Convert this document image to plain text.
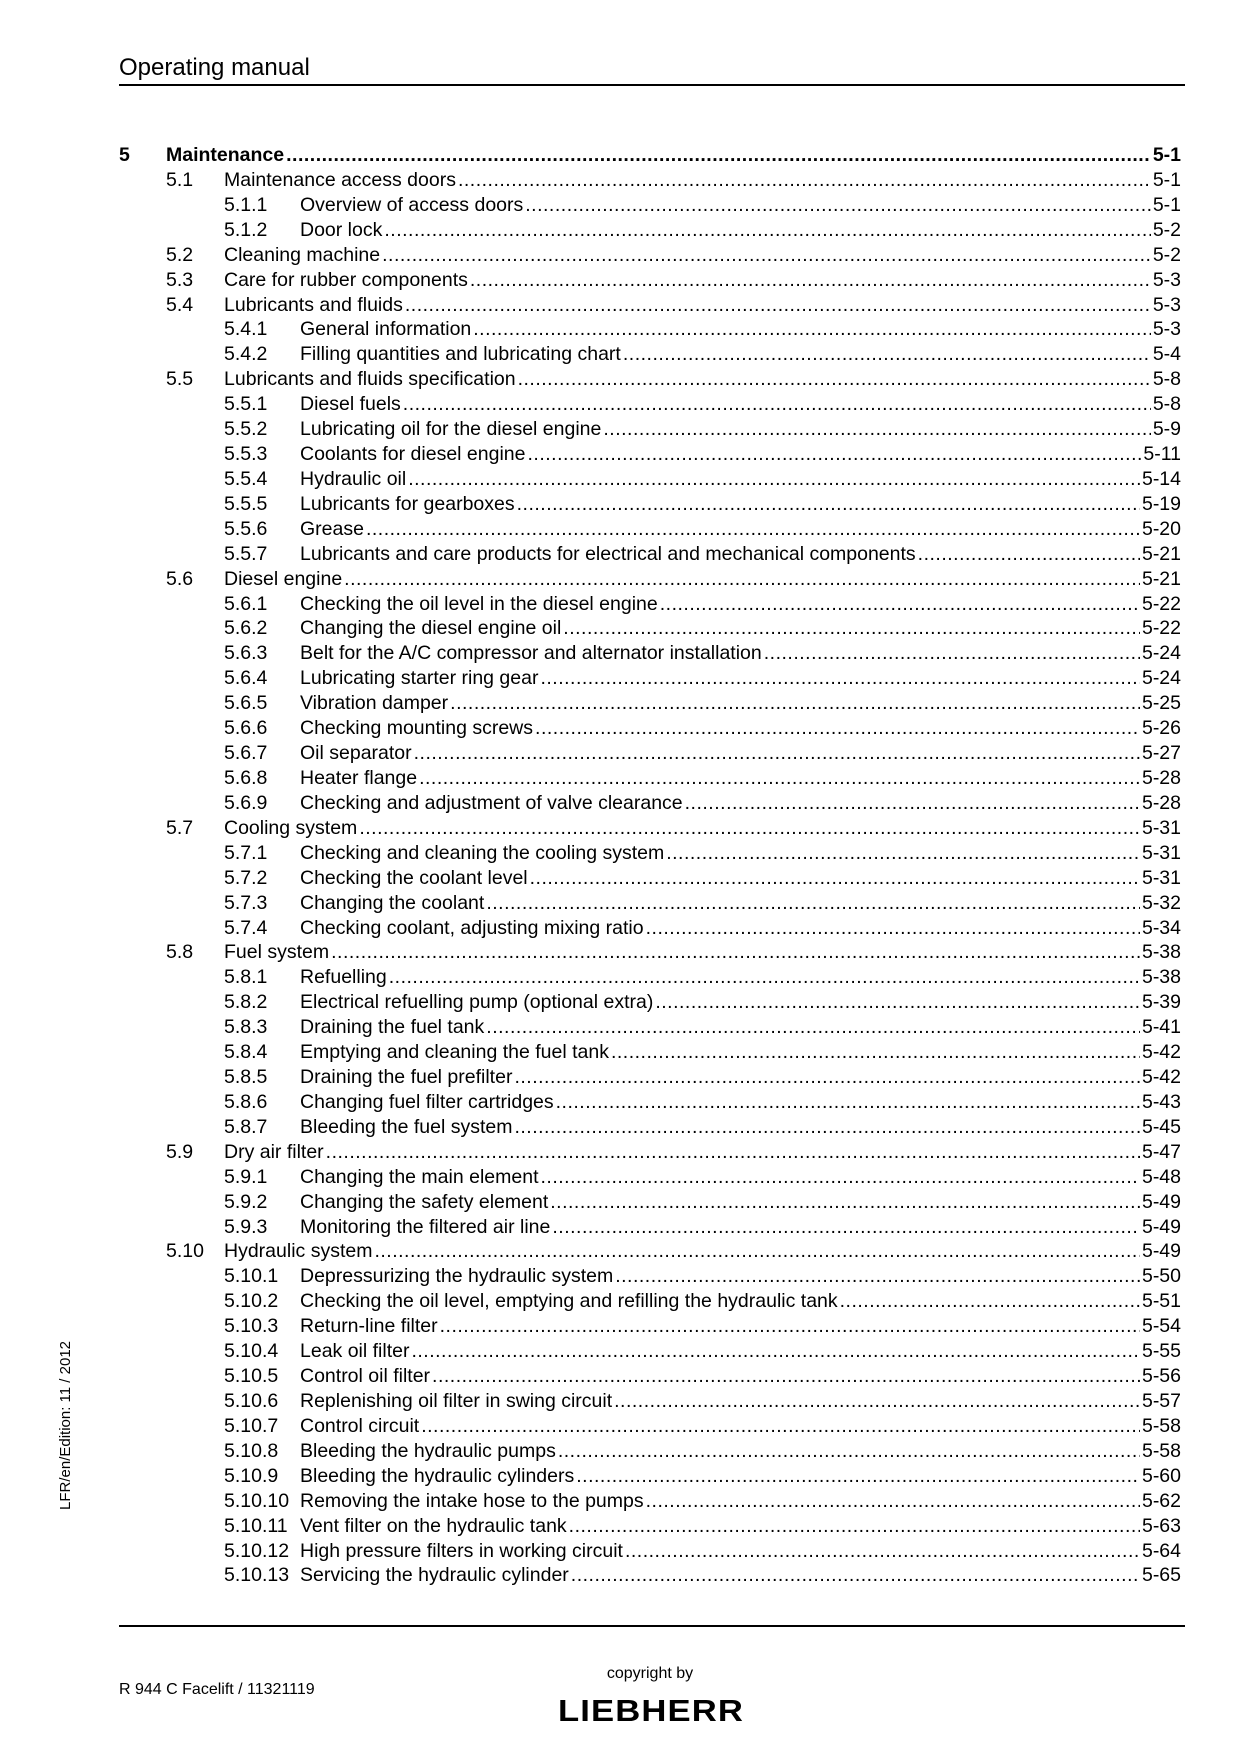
Operating manual
5 Maintenance .....	5-1
5.1 Maintenance access doors .....	5-1
5.1.1 Overview of access doors .....	5-1
5.1.2 Door lock .....	5-2
5.2 Cleaning machine .....	5-2
5.3 Care for rubber components .....	5-3
5.4 Lubricants and fluids .....	5-3
5.4.1 General information .....	5-3
5.4.2 Filling quantities and lubricating chart .....	5-4
5.5 Lubricants and fluids specification .....	5-8
5.5.1 Diesel fuels .....	5-8
5.5.2 Lubricating oil for the diesel engine .....	5-9
5.5.3 Coolants for diesel engine .....	5-11
5.5.4 Hydraulic oil .....	5-14
5.5.5 Lubricants for gearboxes .....	5-19
5.5.6 Grease .....	5-20
5.5.7 Lubricants and care products for electrical and mechanical components .....	5-21
5.6 Diesel engine .....	5-21
5.6.1 Checking the oil level in the diesel engine .....	5-22
5.6.2 Changing the diesel engine oil .....	5-22
5.6.3 Belt for the A/C compressor and alternator installation .....	5-24
5.6.4 Lubricating starter ring gear .....	5-24
5.6.5 Vibration damper .....	5-25
5.6.6 Checking mounting screws .....	5-26
5.6.7 Oil separator .....	5-27
5.6.8 Heater flange .....	5-28
5.6.9 Checking and adjustment of valve clearance .....	5-28
5.7 Cooling system .....	5-31
5.7.1 Checking and cleaning the cooling system .....	5-31
5.7.2 Checking the coolant level .....	5-31
5.7.3 Changing the coolant .....	5-32
5.7.4 Checking coolant, adjusting mixing ratio .....	5-34
5.8 Fuel system .....	5-38
5.8.1 Refuelling .....	5-38
5.8.2 Electrical refuelling pump (optional extra) .....	5-39
5.8.3 Draining the fuel tank .....	5-41
5.8.4 Emptying and cleaning the fuel tank .....	5-42
5.8.5 Draining the fuel prefilter .....	5-42
5.8.6 Changing fuel filter cartridges .....	5-43
5.8.7 Bleeding the fuel system .....	5-45
5.9 Dry air filter .....	5-47
5.9.1 Changing the main element .....	5-48
5.9.2 Changing the safety element .....	5-49
5.9.3 Monitoring the filtered air line .....	5-49
5.10 Hydraulic system .....	5-49
5.10.1 Depressurizing the hydraulic system .....	5-50
5.10.2 Checking the oil level, emptying and refilling the hydraulic tank .....	5-51
5.10.3 Return-line filter .....	5-54
5.10.4 Leak oil filter .....	5-55
5.10.5 Control oil filter .....	5-56
5.10.6 Replenishing oil filter in swing circuit .....	5-57
5.10.7 Control circuit .....	5-58
5.10.8 Bleeding the hydraulic pumps .....	5-58
5.10.9 Bleeding the hydraulic cylinders .....	5-60
5.10.10 Removing the intake hose to the pumps .....	5-62
5.10.11 Vent filter on the hydraulic tank .....	5-63
5.10.12 High pressure filters in working circuit .....	5-64
5.10.13 Servicing the hydraulic cylinder .....	5-65
LFR/en/Edition: 11 / 2012
R 944 C Facelift / 11321119
copyright by
LIEBHERR
